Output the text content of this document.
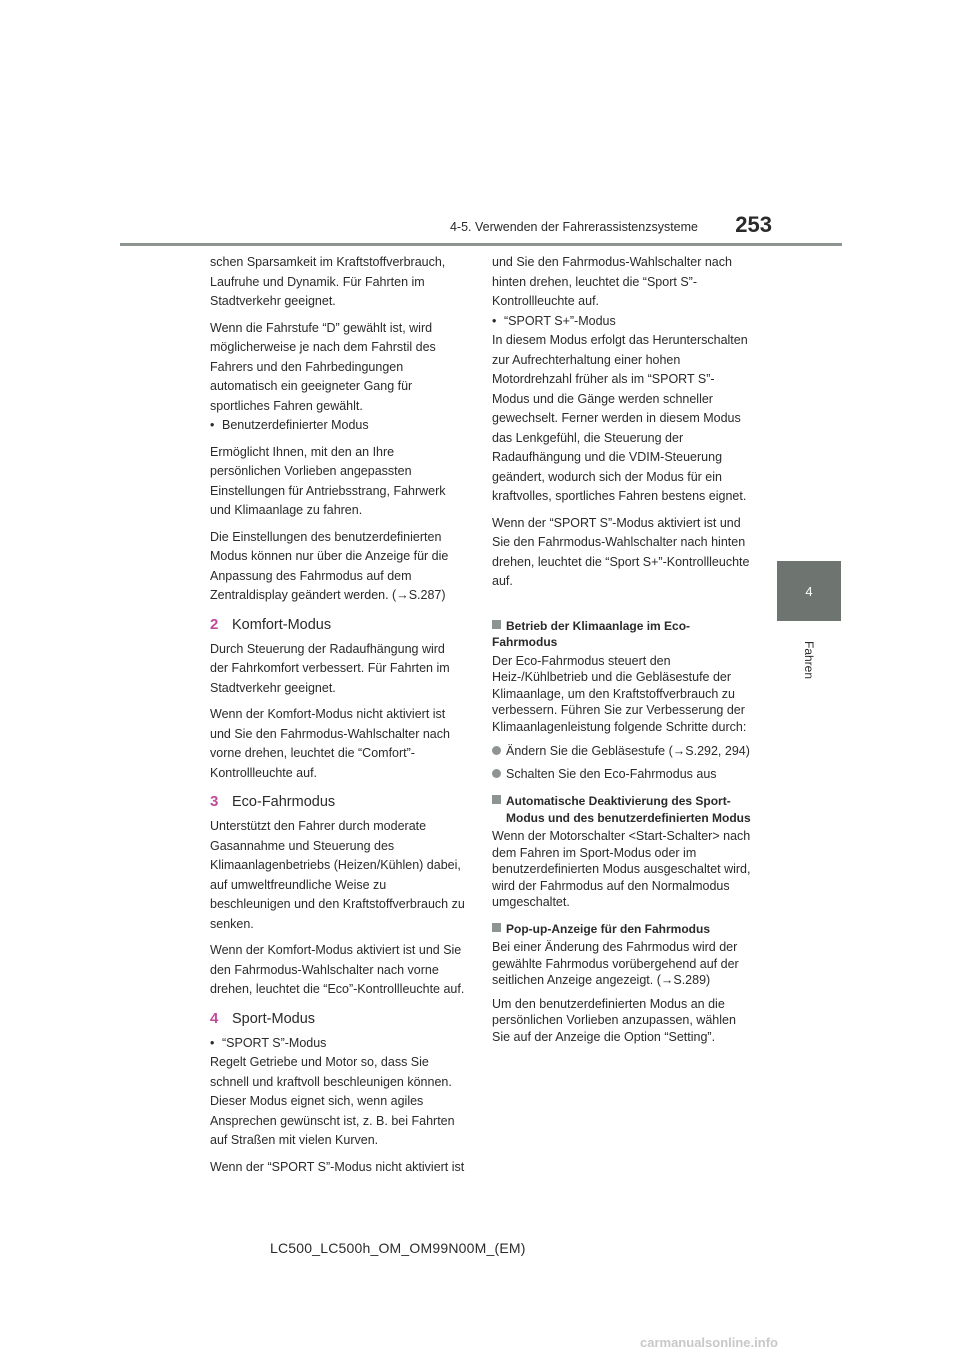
4-5. Verwenden der Fahrerassistenzsysteme	253
4
Fahren

schen Sparsamkeit im Kraftstoffverbrauch, Laufruhe und Dynamik. Für Fahrten im Stadtverkehr geeignet.

Wenn die Fahrstufe “D” gewählt ist, wird möglicherweise je nach dem Fahrstil des Fahrers und den Fahrbedingungen automatisch ein geeigneter Gang für sportliches Fahren gewählt.

• Benutzerdefinierter Modus

Ermöglicht Ihnen, mit den an Ihre persönlichen Vorlieben angepassten Einstellungen für Antriebsstrang, Fahrwerk und Klimaanlage zu fahren.

Die Einstellungen des benutzerdefinierten Modus können nur über die Anzeige für die Anpassung des Fahrmodus auf dem Zentraldisplay geändert werden. (→S.287)

2 Komfort-Modus

Durch Steuerung der Radaufhängung wird der Fahrkomfort verbessert. Für Fahrten im Stadtverkehr geeignet.

Wenn der Komfort-Modus nicht aktiviert ist und Sie den Fahrmodus-Wahlschalter nach vorne drehen, leuchtet die “Comfort”-Kontrollleuchte auf.

3 Eco-Fahrmodus

Unterstützt den Fahrer durch moderate Gasannahme und Steuerung des Klimaanlagenbetriebs (Heizen/Kühlen) dabei, auf umweltfreundliche Weise zu beschleunigen und den Kraftstoffverbrauch zu senken.

Wenn der Komfort-Modus aktiviert ist und Sie den Fahrmodus-Wahlschalter nach vorne drehen, leuchtet die “Eco”-Kontrollleuchte auf.

4 Sport-Modus
• “SPORT S”-Modus

Regelt Getriebe und Motor so, dass Sie schnell und kraftvoll beschleunigen können. Dieser Modus eignet sich, wenn agiles Ansprechen gewünscht ist, z. B. bei Fahrten auf Straßen mit vielen Kurven.

Wenn der “SPORT S”-Modus nicht aktiviert ist

und Sie den Fahrmodus-Wahlschalter nach hinten drehen, leuchtet die “Sport S”-Kontrollleuchte auf.

• “SPORT S+”-Modus

In diesem Modus erfolgt das Herunterschalten zur Aufrechterhaltung einer hohen Motordrehzahl früher als im “SPORT S”-Modus und die Gänge werden schneller gewechselt. Ferner werden in diesem Modus das Lenkgefühl, die Steuerung der Radaufhängung und die VDIM-Steuerung geändert, wodurch sich der Modus für ein kraftvolles, sportliches Fahren bestens eignet.

Wenn der “SPORT S”-Modus aktiviert ist und Sie den Fahrmodus-Wahlschalter nach hinten drehen, leuchtet die “Sport S+”-Kontrollleuchte auf.

Betrieb der Klimaanlage im Eco-Fahrmodus

Der Eco-Fahrmodus steuert den Heiz-/Kühlbetrieb und die Gebläsestufe der Klimaanlage, um den Kraftstoffverbrauch zu verbessern. Führen Sie zur Verbesserung der Klimaanlagenleistung folgende Schritte durch:

Ändern Sie die Gebläsestufe (→S.292, 294)
Schalten Sie den Eco-Fahrmodus aus
Automatische Deaktivierung des Sport-Modus und des benutzerdefinierten Modus

Wenn der Motorschalter <Start-Schalter> nach dem Fahren im Sport-Modus oder im benutzerdefinierten Modus ausgeschaltet wird, wird der Fahrmodus auf den Normalmodus umgeschaltet.

Pop-up-Anzeige für den Fahrmodus

Bei einer Änderung des Fahrmodus wird der gewählte Fahrmodus vorübergehend auf der seitlichen Anzeige angezeigt. (→S.289)

Um den benutzerdefinierten Modus an die persönlichen Vorlieben anzupassen, wählen Sie auf der Anzeige die Option “Setting”.

LC500_LC500h_OM_OM99N00M_(EM)
carmanualsonline.info
